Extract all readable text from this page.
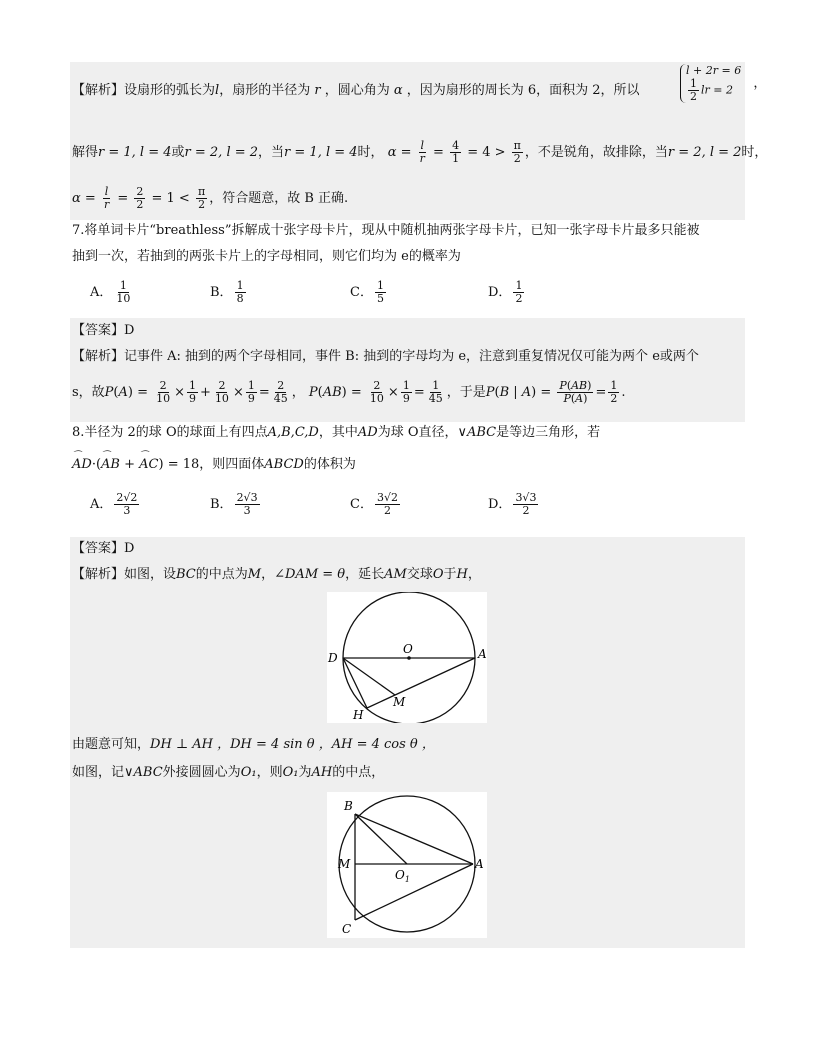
【解析】设扇形的弧长为l，扇形的半径为 r ，圆心角为 α ，因为扇形的周长为 6，面积为 2，所以
l + 2r = 6

$\frac{1}{2}$ lr = 2 ，
解得r = 1, l = 4或r = 2, l = 2，当r = 1, l = 4时， $\alpha = \frac{l}{r} = \frac{4}{1} = 4 > \frac{\pi}{2}$ ，不是锐角，故排除，当r = 2, l = 2时，
$\alpha = \frac{l}{r} = \frac{2}{2} = 1 < \frac{\pi}{2}$ ，符合题意，故 B 正确.
7.将单词卡片“breathless”拆解成十张字母卡片，现从中随机抽两张字母卡片，已知一张字母卡片最多只能被
抽到一次，若抽到的两张卡片上的字母相同，则它们均为 e的概率为
A． $\frac{1}{10}$	B． $\frac{1}{8}$	C． $\frac{1}{5}$	D． $\frac{1}{2}$
【答案】D
【解析】记事件 A: 抽到的两个字母相同，事件 B: 抽到的字母均为 e，注意到重复情况仅可能为两个 e或两个
s，故$P(A) = \frac{2}{10} \times \frac{1}{9} + \frac{2}{10} \times \frac{1}{9} = \frac{2}{45}$ ， $P(AB) = \frac{2}{10} \times \frac{1}{9} = \frac{1}{45}$ ，于是P(B | $A) = \frac{P(AB)}{P(A)} = \frac{1}{2}$ .
8.半径为 2的球 O的球面上有四点A,B,C,D，其中AD为球 O直径，∨ABC是等边三角形，若
⌒ AD·(⌒ AB + ⌒ AC) = 18，则四面体ABCD的体积为
A． $\frac{2√2}{3}$	B． $\frac{2√3}{3}$	C． $\frac{3√2}{2}$	D． $\frac{3√3}{2}$
【答案】D
【解析】如图，设BC的中点为M，∠DAM = θ，延长AM交球O于H，
D
O	A
M
H
由题意可知，DH ⊥ AH ，DH = 4 sin θ ，AH = 4 cos θ ，
如图，记∨ABC外接圆圆心为O₁，则O₁为AH的中点，
B
M
$O_1$
A
C
